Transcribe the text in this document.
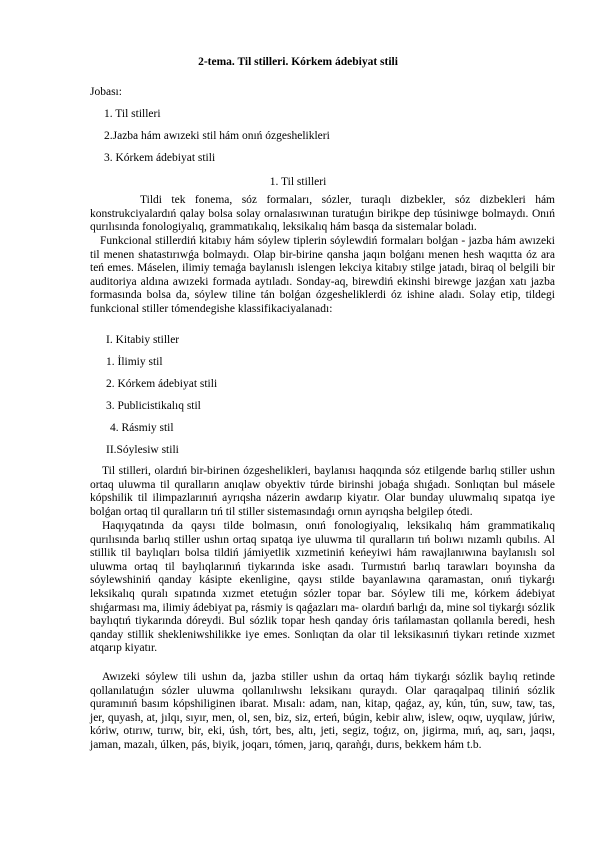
2-tema. Til stilleri. Kórkem ádebiyat stili
Jobası:
1. Til stilleri
2.Jazba hám awızeki stil hám onıń ózgeshelikleri
3. Kórkem ádebiyat stili
1. Til stilleri

Tildi tek fonema, sóz formaları, sózler, turaqlı dizbekler, sóz dizbekleri hám konstrukciyalardıń qalay bolsa solay ornalasıwınan turatuǵın birikpe dep túsiniwge bolmaydı. Onıń qurılısında fonologiyalıq, grammatıkalıq, leksikalıq hám basqa da sistemalar boladı.

Funkcional stillerdiń kitabıy hám sóylew tiplerin sóylewdiń formaları bolǵan - jazba hám awızeki til menen shatastırıwǵa bolmaydı. Olap bir-birine qansha jaqın bolǵanı menen hesh waqıtta óz ara teń emes. Máselen, ilimiy temaǵa baylanıslı islengen lekciya kitabıy stilge jatadı, biraq ol belgili bir auditoriya aldına awızeki formada aytıladı. Sonday-aq, birewdiń ekinshi birewge jazǵan xatı jazba formasında bolsa da, sóylew tiline tán bolǵan ózgesheliklerdi óz ishine aladı. Solay etip, tildegi funkcional stiller tómendegishe klassifikaciyalanadı:

I. Kitabiy stiller
1. İlimiy stil
2. Kórkem ádebiyat stili
3. Publicistikalıq stil
4. Rásmiy stil
II.Sóylesiw stili

Til stilleri, olardıń bir-birinen ózgeshelikleri, baylanısı haqqında sóz etilgende barlıq stiller ushın ortaq uluwma til quralların anıqlaw obyektiv túrde birinshi jobaǵa shıǵadı. Sonlıqtan bul másele kópshilik til ilimpazlarınıń ayrıqsha názerin awdarıp kiyatır. Olar bunday uluwmalıq sıpatqa iye bolǵan ortaq til quralların tıń til stiller sistemasındaǵı ornın ayrıqsha belgilep ótedi.

Haqıyqatında da qaysı tilde bolmasın, onıń fonologiyalıq, leksikalıq hám grammatikalıq qurılısında barlıq stiller ushın ortaq sıpatqa iye uluwma til quralların tıń bolıwı nızamlı qubılıs. Al stillik til baylıqları bolsa tildiń jámiyetlik xızmetiniń keńeyiwi hám rawajlanıwına baylanıslı sol uluwma ortaq til baylıqlarınıń tiykarında iske asadı. Turmıstıń barlıq tarawları boyınsha da sóylewshiniń qanday kásipte ekenligine, qaysı stilde bayanlawına qaramastan, onıń tiykarǵı leksikalıq quralı sıpatında xızmet etetuǵın sózler topar bar. Sóylew tili me, kórkem ádebiyat shıǵarması ma, ilimiy ádebiyat pa, rásmiy is qaǵazları ma- olardıń barlıǵı da, mine sol tiykarǵı sózlik baylıqtıń tiykarında dóreydi. Bul sózlik topar hesh qanday óris tańlamastan qollanıla beredi, hesh qanday stillik shekleniwshilikke iye emes. Sonlıqtan da olar til leksikasınıń tiykarı retinde xızmet atqarıp kiyatır.

Awızeki sóylew tili ushın da, jazba stiller ushın da ortaq hám tiykarǵı sózlik baylıq retinde qollanılatuǵın sózler uluwma qollanılıwshı leksikanı quraydı. Olar qaraqalpaq tiliniń sózlik quramınıń basım kópshiliginen ibarat. Mısalı: adam, nan, kitap, qaǵaz, ay, kún, tún, suw, taw, tas, jer, quyash, at, jılqı, sıyır, men, ol, sen, biz, siz, erteń, búgin, kebir alıw, islew, oqıw, uyqılaw, júriw, kóriw, otırıw, turıw, bir, eki, úsh, tórt, bes, altı, jeti, segiz, toǵız, on, jigirma, mıń, aq, sarı, jaqsı, jaman, mazalı, úlken, pás, biyik, joqarı, tómen, jarıq, qaraǹǵı, durıs, bekkem hám t.b.
